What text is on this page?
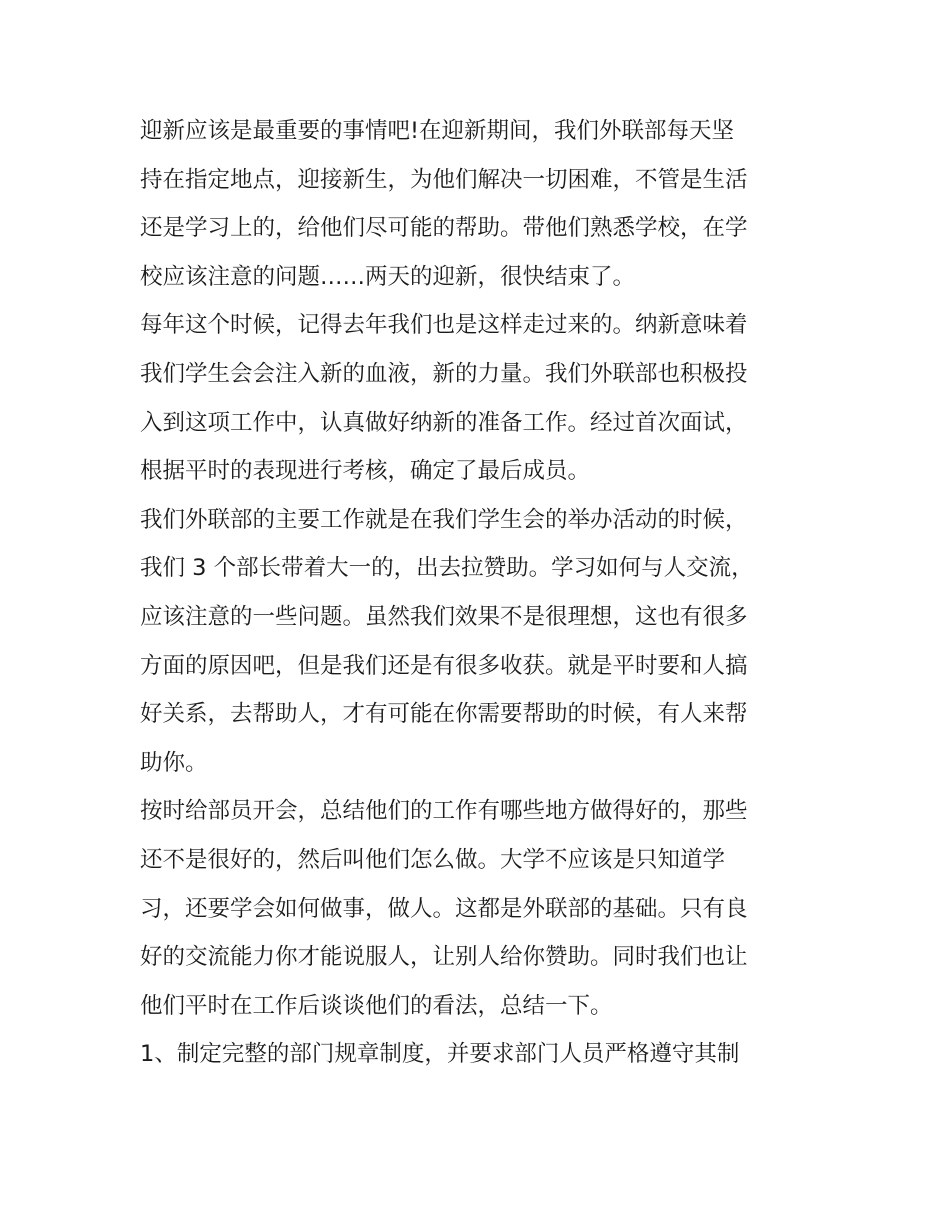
迎新应该是最重要的事情吧!在迎新期间，我们外联部每天坚
持在指定地点，迎接新生，为他们解决一切困难，不管是生活
还是学习上的，给他们尽可能的帮助。带他们熟悉学校，在学
校应该注意的问题……两天的迎新，很快结束了。
每年这个时候，记得去年我们也是这样走过来的。纳新意味着
我们学生会会注入新的血液，新的力量。我们外联部也积极投
入到这项工作中，认真做好纳新的准备工作。经过首次面试，
根据平时的表现进行考核，确定了最后成员。
我们外联部的主要工作就是在我们学生会的举办活动的时候，
我们 3 个部长带着大一的，出去拉赞助。学习如何与人交流，
应该注意的一些问题。虽然我们效果不是很理想，这也有很多
方面的原因吧，但是我们还是有很多收获。就是平时要和人搞
好关系，去帮助人，才有可能在你需要帮助的时候，有人来帮
助你。
按时给部员开会，总结他们的工作有哪些地方做得好的，那些
还不是很好的，然后叫他们怎么做。大学不应该是只知道学
习，还要学会如何做事，做人。这都是外联部的基础。只有良
好的交流能力你才能说服人，让别人给你赞助。同时我们也让
他们平时在工作后谈谈他们的看法，总结一下。
1、制定完整的部门规章制度，并要求部门人员严格遵守其制
